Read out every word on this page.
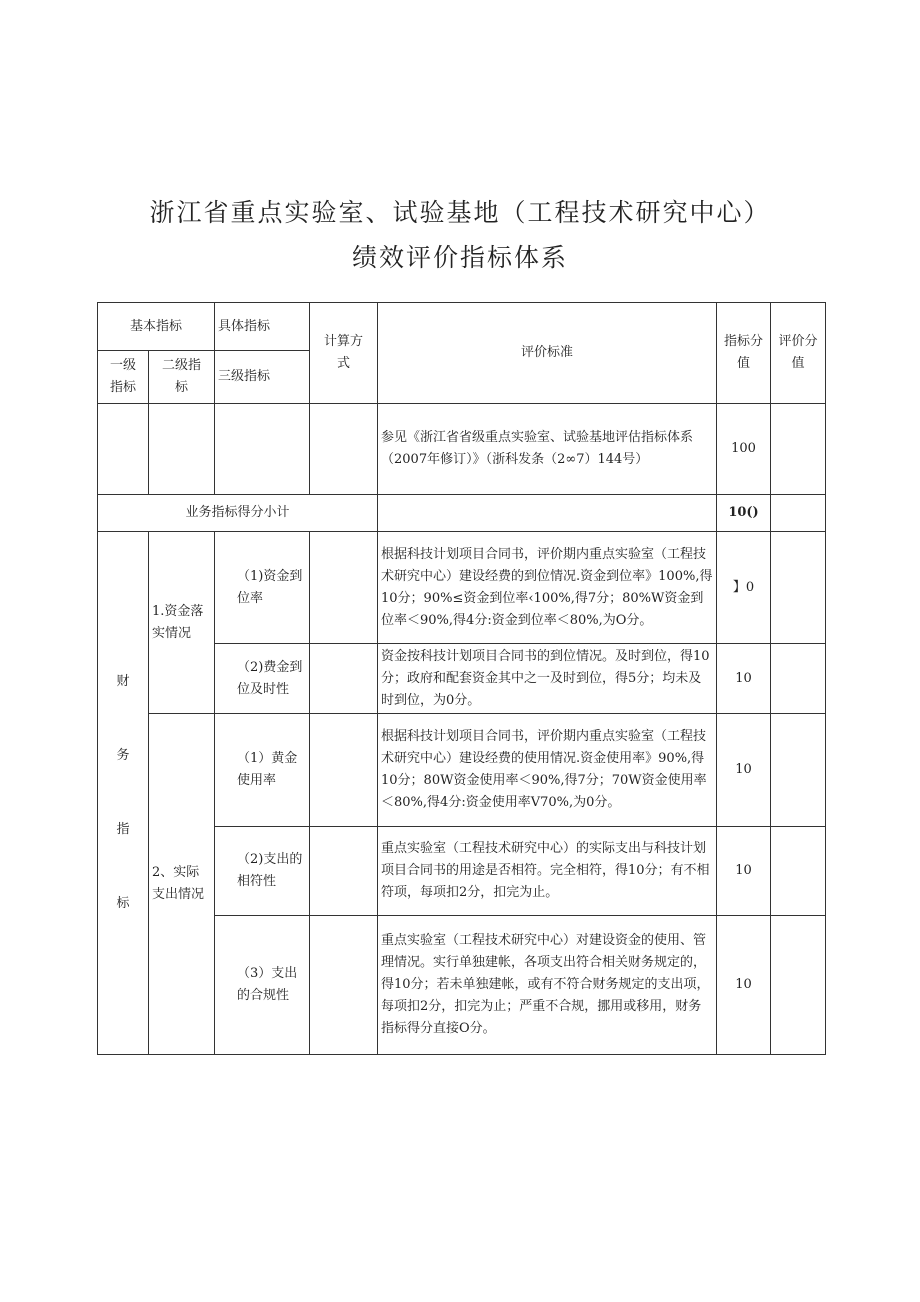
浙江省重点实验室、试验基地（工程技术研究中心）
绩效评价指标体系
基本指标		具体指标	计算方式	评价标准	指标分值	评价分值
一级指标	二级指标	三级指标				
				参见《浙江省省级重点实验室、试验基地评估指标体系（2007年修订）》（浙科发条（2∞7）144号）	100	
业务指标得分小计					10()	

财
务
指
标	1.资金落实情况	（1)资金到位率		根据科技计划项目合同书，评价期内重点实验室（工程技术研究中心）建设经费的到位情况.资金到位率》100%,得10分；90%≤资金到位率‹100%,得7分；80%W资金到位率＜90%,得4分:资金到位率＜80%,为O分。	】0	
		（2)费金到位及时性		资金按科技计划项目合同书的到位情况。及时到位，得10分；政府和配套资金其中之一及时到位，得5分；均未及时到位，为0分。	10	
	2、实际支出情况	（1）黄金使用率		根据科技计划项目合同书，评价期内重点实验室（工程技术研究中心）建设经费的使用情况.资金使用率》90%,得10分；80W资金使用率＜90%,得7分；70W资金使用率＜80%,得4分:资金使用率V70%,为0分。	10	
		（2)支出的相符性		重点实验室（工程技术研究中心）的实际支出与科技计划项目合同书的用途是否相符。完全相符，得10分；有不相符项，每项扣2分，扣完为止。	10	
		（3）支出的合规性		重点实验室（工程技术研究中心）对建设资金的使用、管理情况。实行单独建帐，各项支出符合相关财务规定的，得10分；若未单独建帐，或有不符合财务规定的支出项，每项扣2分，扣完为止；严重不合规，挪用或移用，财务指标得分直接O分。	10	
